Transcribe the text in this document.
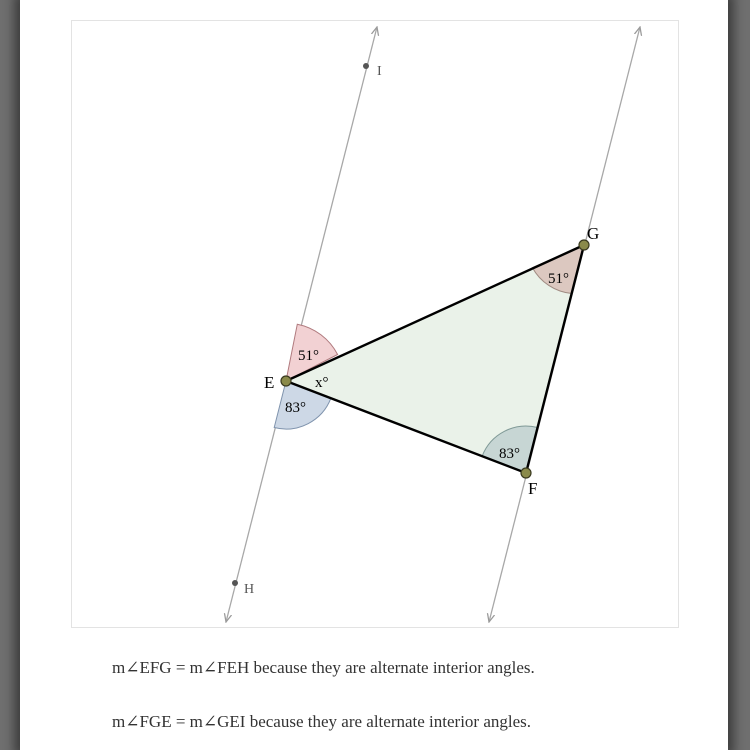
E
F
G
I
H
51°
83°
x°
51°
83°
m∠EFG = m∠FEH because they are alternate interior angles.
m∠FGE = m∠GEI because they are alternate interior angles.
